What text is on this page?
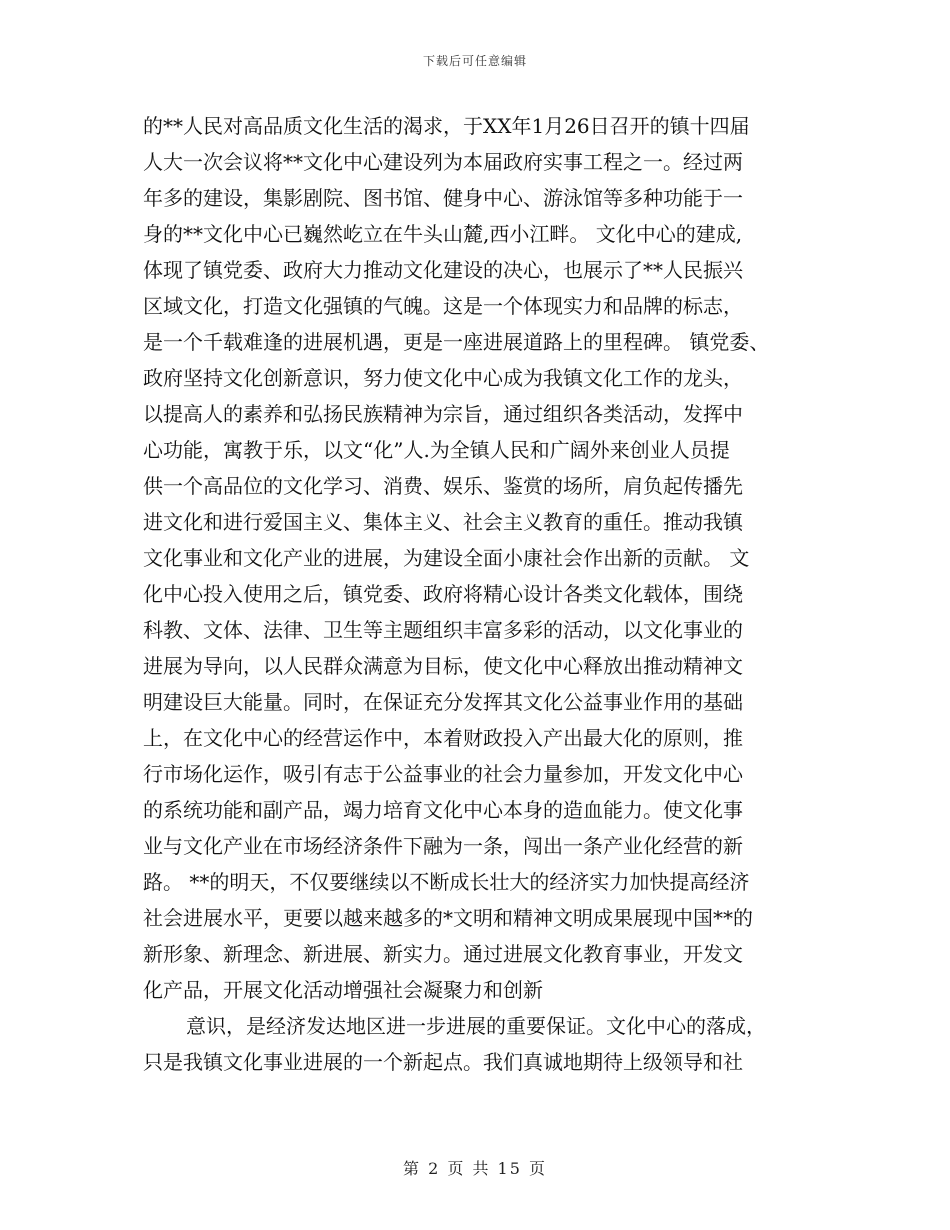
下载后可任意编辑
的**人民对高品质文化生活的渴求，于XX年1月26日召开的镇十四届
人大一次会议将**文化中心建设列为本届政府实事工程之一。经过两
年多的建设，集影剧院、图书馆、健身中心、游泳馆等多种功能于一
身的**文化中心已巍然屹立在牛头山麓,西小江畔。 文化中心的建成,
体现了镇党委、政府大力推动文化建设的决心，也展示了**人民振兴
区域文化，打造文化强镇的气魄。这是一个体现实力和品牌的标志，
是一个千载难逢的进展机遇，更是一座进展道路上的里程碑。 镇党委、
政府坚持文化创新意识，努力使文化中心成为我镇文化工作的龙头，
以提高人的素养和弘扬民族精神为宗旨，通过组织各类活动，发挥中
心功能，寓教于乐，以文“化”人.为全镇人民和广阔外来创业人员提
供一个高品位的文化学习、消费、娱乐、鉴赏的场所，肩负起传播先
进文化和进行爱国主义、集体主义、社会主义教育的重任。推动我镇
文化事业和文化产业的进展，为建设全面小康社会作出新的贡献。 文
化中心投入使用之后，镇党委、政府将精心设计各类文化载体，围绕
科教、文体、法律、卫生等主题组织丰富多彩的活动，以文化事业的
进展为导向，以人民群众满意为目标，使文化中心释放出推动精神文
明建设巨大能量。同时，在保证充分发挥其文化公益事业作用的基础
上，在文化中心的经营运作中，本着财政投入产出最大化的原则，推
行市场化运作，吸引有志于公益事业的社会力量参加，开发文化中心
的系统功能和副产品，竭力培育文化中心本身的造血能力。使文化事
业与文化产业在市场经济条件下融为一条，闯出一条产业化经营的新
路。 **的明天，不仅要继续以不断成长壮大的经济实力加快提高经济
社会进展水平，更要以越来越多的*文明和精神文明成果展现中国**的
新形象、新理念、新进展、新实力。通过进展文化教育事业，开发文
化产品，开展文化活动增强社会凝聚力和创新
意识，是经济发达地区进一步进展的重要保证。文化中心的落成，
只是我镇文化事业进展的一个新起点。我们真诚地期待上级领导和社
第 2 页 共 15 页
